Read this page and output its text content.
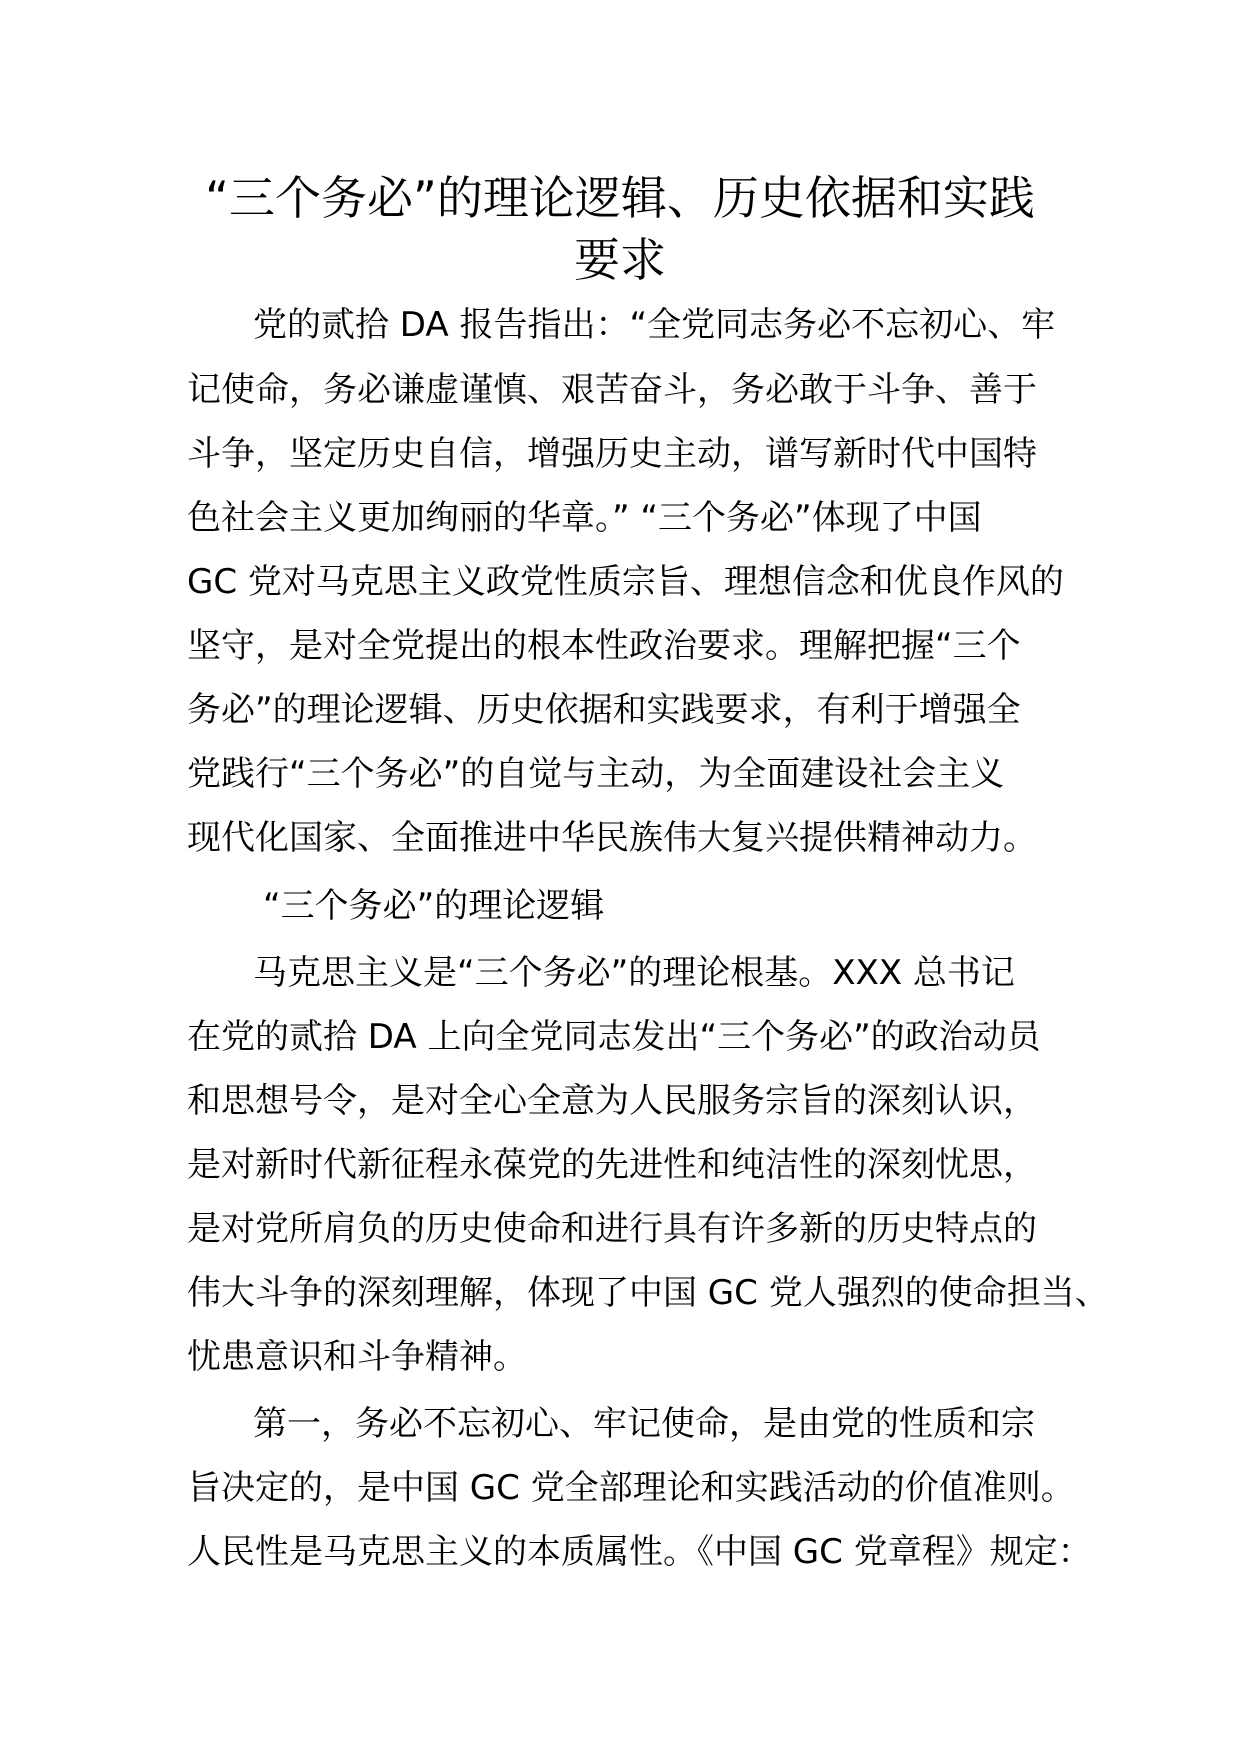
“三个务必”的理论逻辑、历史依据和实践
要求

党的贰拾 DA 报告指出：“全党同志务必不忘初心、牢

记使命，务必谦虚谨慎、艰苦奋斗，务必敢于斗争、善于

斗争，坚定历史自信，增强历史主动，谱写新时代中国特

色社会主义更加绚丽的华章。” “三个务必”体现了中国

GC 党对马克思主义政党性质宗旨、理想信念和优良作风的

坚守，是对全党提出的根本性政治要求。理解把握“三个

务必”的理论逻辑、历史依据和实践要求，有利于增强全

党践行“三个务必”的自觉与主动，为全面建设社会主义

现代化国家、全面推进中华民族伟大复兴提供精神动力。

“三个务必”的理论逻辑

马克思主义是“三个务必”的理论根基。XXX 总书记

在党的贰拾 DA 上向全党同志发出“三个务必”的政治动员

和思想号令，是对全心全意为人民服务宗旨的深刻认识，

是对新时代新征程永葆党的先进性和纯洁性的深刻忧思，

是对党所肩负的历史使命和进行具有许多新的历史特点的

伟大斗争的深刻理解，体现了中国 GC 党人强烈的使命担当、

忧患意识和斗争精神。

第一，务必不忘初心、牢记使命，是由党的性质和宗

旨决定的，是中国 GC 党全部理论和实践活动的价值准则。

人民性是马克思主义的本质属性。《中国 GC 党章程》规定：
